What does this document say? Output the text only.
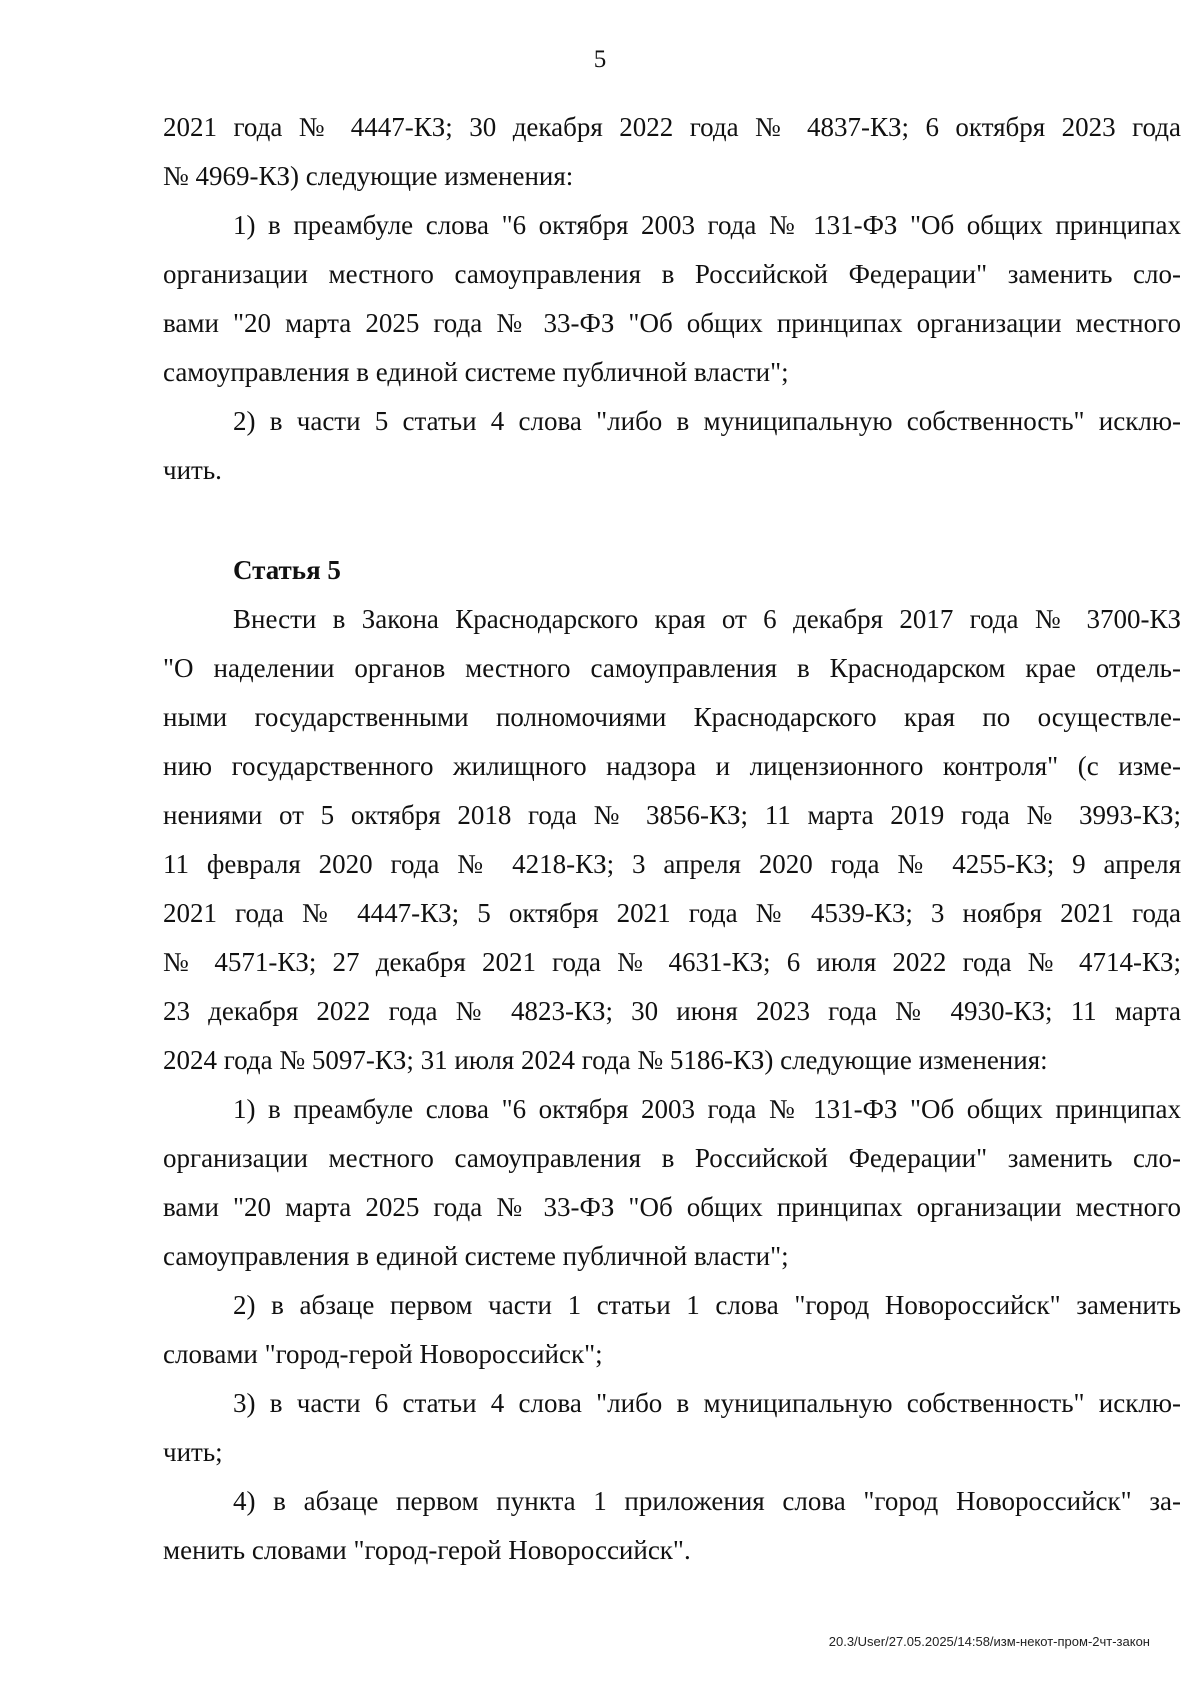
5
2021 года № 4447-КЗ; 30 декабря 2022 года № 4837-КЗ; 6 октября 2023 года
№ 4969-КЗ) следующие изменения:
1) в преамбуле слова "6 октября 2003 года № 131-ФЗ "Об общих принципах
организации местного самоуправления в Российской Федерации" заменить сло-
вами "20 марта 2025 года № 33-ФЗ "Об общих принципах организации местного
самоуправления в единой системе публичной власти";
2) в части 5 статьи 4 слова "либо в муниципальную собственность" исклю-
чить.
Статья 5
Внести в Закона Краснодарского края от 6 декабря 2017 года № 3700-КЗ
"О наделении органов местного самоуправления в Краснодарском крае отдель-
ными государственными полномочиями Краснодарского края по осуществле-
нию государственного жилищного надзора и лицензионного контроля" (с изме-
нениями от 5 октября 2018 года № 3856-КЗ; 11 марта 2019 года № 3993-КЗ;
11 февраля 2020 года № 4218-КЗ; 3 апреля 2020 года № 4255-КЗ; 9 апреля
2021 года № 4447-КЗ; 5 октября 2021 года № 4539-КЗ; 3 ноября 2021 года
№ 4571-КЗ; 27 декабря 2021 года № 4631-КЗ; 6 июля 2022 года № 4714-КЗ;
23 декабря 2022 года № 4823-КЗ; 30 июня 2023 года № 4930-КЗ; 11 марта
2024 года № 5097-КЗ; 31 июля 2024 года № 5186-КЗ) следующие изменения:
1) в преамбуле слова "6 октября 2003 года № 131-ФЗ "Об общих принципах
организации местного самоуправления в Российской Федерации" заменить сло-
вами "20 марта 2025 года № 33-ФЗ "Об общих принципах организации местного
самоуправления в единой системе публичной власти";
2) в абзаце первом части 1 статьи 1 слова "город Новороссийск" заменить
словами "город-герой Новороссийск";
3) в части 6 статьи 4 слова "либо в муниципальную собственность" исклю-
чить;
4) в абзаце первом пункта 1 приложения слова "город Новороссийск" за-
менить словами "город-герой Новороссийск".
20.3/User/27.05.2025/14:58/изм-некот-пром-2чт-закон
